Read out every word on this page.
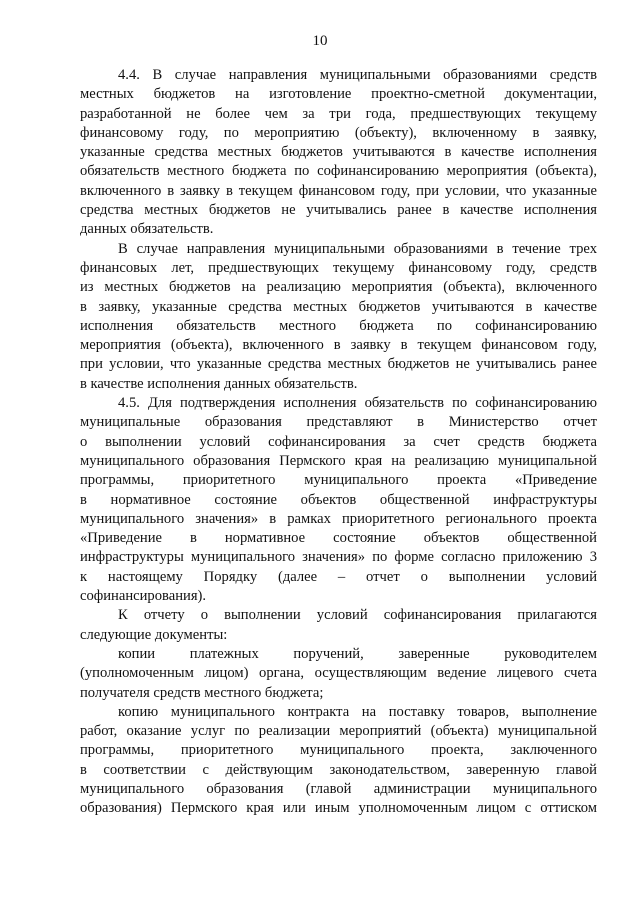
10
4.4. В случае направления муниципальными образованиями средств
местных бюджетов на изготовление проектно-сметной документации,
разработанной не более чем за три года, предшествующих текущему
финансовому году, по мероприятию (объекту), включенному в заявку,
указанные средства местных бюджетов учитываются в качестве исполнения
обязательств местного бюджета по софинансированию мероприятия (объекта),
включенного в заявку в текущем финансовом году, при условии, что указанные
средства местных бюджетов не учитывались ранее в качестве исполнения
данных обязательств.
В случае направления муниципальными образованиями в течение трех
финансовых лет, предшествующих текущему финансовому году, средств
из местных бюджетов на реализацию мероприятия (объекта), включенного
в заявку, указанные средства местных бюджетов учитываются в качестве
исполнения обязательств местного бюджета по софинансированию
мероприятия (объекта), включенного в заявку в текущем финансовом году,
при условии, что указанные средства местных бюджетов не учитывались ранее
в качестве исполнения данных обязательств.
4.5. Для подтверждения исполнения обязательств по софинансированию
муниципальные образования представляют в Министерство отчет
о выполнении условий софинансирования за счет средств бюджета
муниципального образования Пермского края на реализацию муниципальной
программы, приоритетного муниципального проекта «Приведение
в нормативное состояние объектов общественной инфраструктуры
муниципального значения» в рамках приоритетного регионального проекта
«Приведение в нормативное состояние объектов общественной
инфраструктуры муниципального значения» по форме согласно приложению 3
к настоящему Порядку (далее – отчет о выполнении условий
софинансирования).
К отчету о выполнении условий софинансирования прилагаются
следующие документы:
копии платежных поручений, заверенные руководителем
(уполномоченным лицом) органа, осуществляющим ведение лицевого счета
получателя средств местного бюджета;
копию муниципального контракта на поставку товаров, выполнение
работ, оказание услуг по реализации мероприятий (объекта) муниципальной
программы, приоритетного муниципального проекта, заключенного
в соответствии с действующим законодательством, заверенную главой
муниципального образования (главой администрации муниципального
образования) Пермского края или иным уполномоченным лицом с оттиском
